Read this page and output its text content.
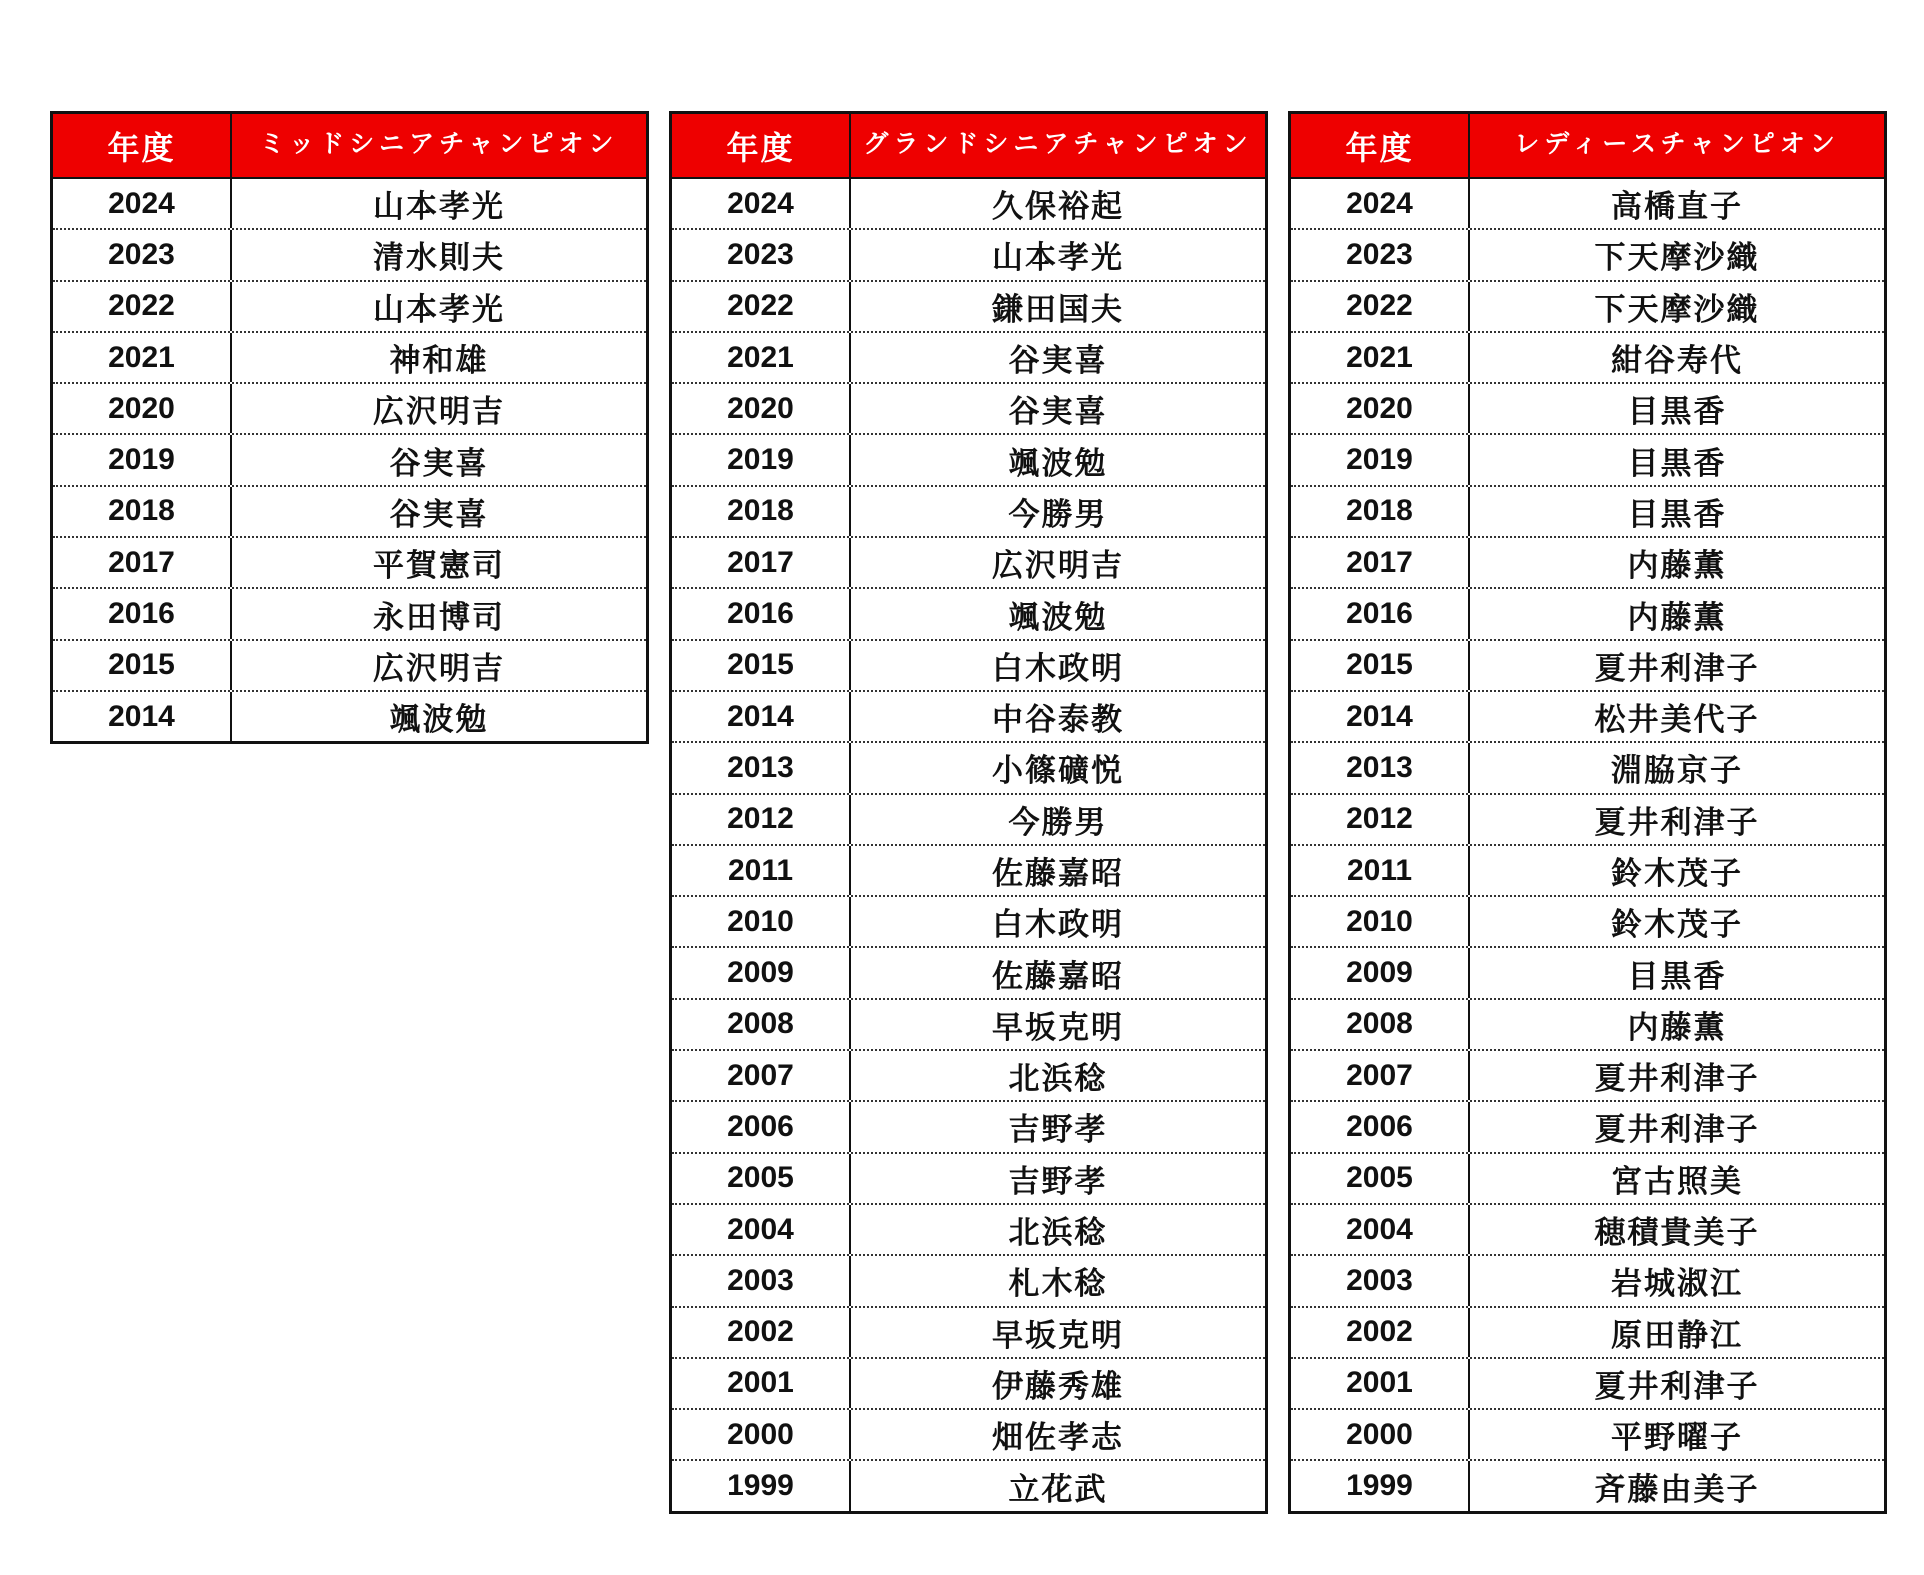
年度	ミッドシニアチャンピオン
2024	山本孝光
2023	清水則夫
2022	山本孝光
2021	神和雄
2020	広沢明吉
2019	谷実喜
2018	谷実喜
2017	平賀憲司
2016	永田博司
2015	広沢明吉
2014	颯波勉
年度	グランドシニアチャンピオン
2024	久保裕起
2023	山本孝光
2022	鎌田国夫
2021	谷実喜
2020	谷実喜
2019	颯波勉
2018	今勝男
2017	広沢明吉
2016	颯波勉
2015	白木政明
2014	中谷泰教
2013	小篠礦悦
2012	今勝男
2011	佐藤嘉昭
2010	白木政明
2009	佐藤嘉昭
2008	早坂克明
2007	北浜稔
2006	吉野孝
2005	吉野孝
2004	北浜稔
2003	札木稔
2002	早坂克明
2001	伊藤秀雄
2000	畑佐孝志
1999	立花武
年度	レディースチャンピオン
2024	高橋直子
2023	下天摩沙織
2022	下天摩沙織
2021	紺谷寿代
2020	目黒香
2019	目黒香
2018	目黒香
2017	内藤薫
2016	内藤薫
2015	夏井利津子
2014	松井美代子
2013	淵脇京子
2012	夏井利津子
2011	鈴木茂子
2010	鈴木茂子
2009	目黒香
2008	内藤薫
2007	夏井利津子
2006	夏井利津子
2005	宮古照美
2004	穂積貴美子
2003	岩城淑江
2002	原田静江
2001	夏井利津子
2000	平野曜子
1999	斉藤由美子
